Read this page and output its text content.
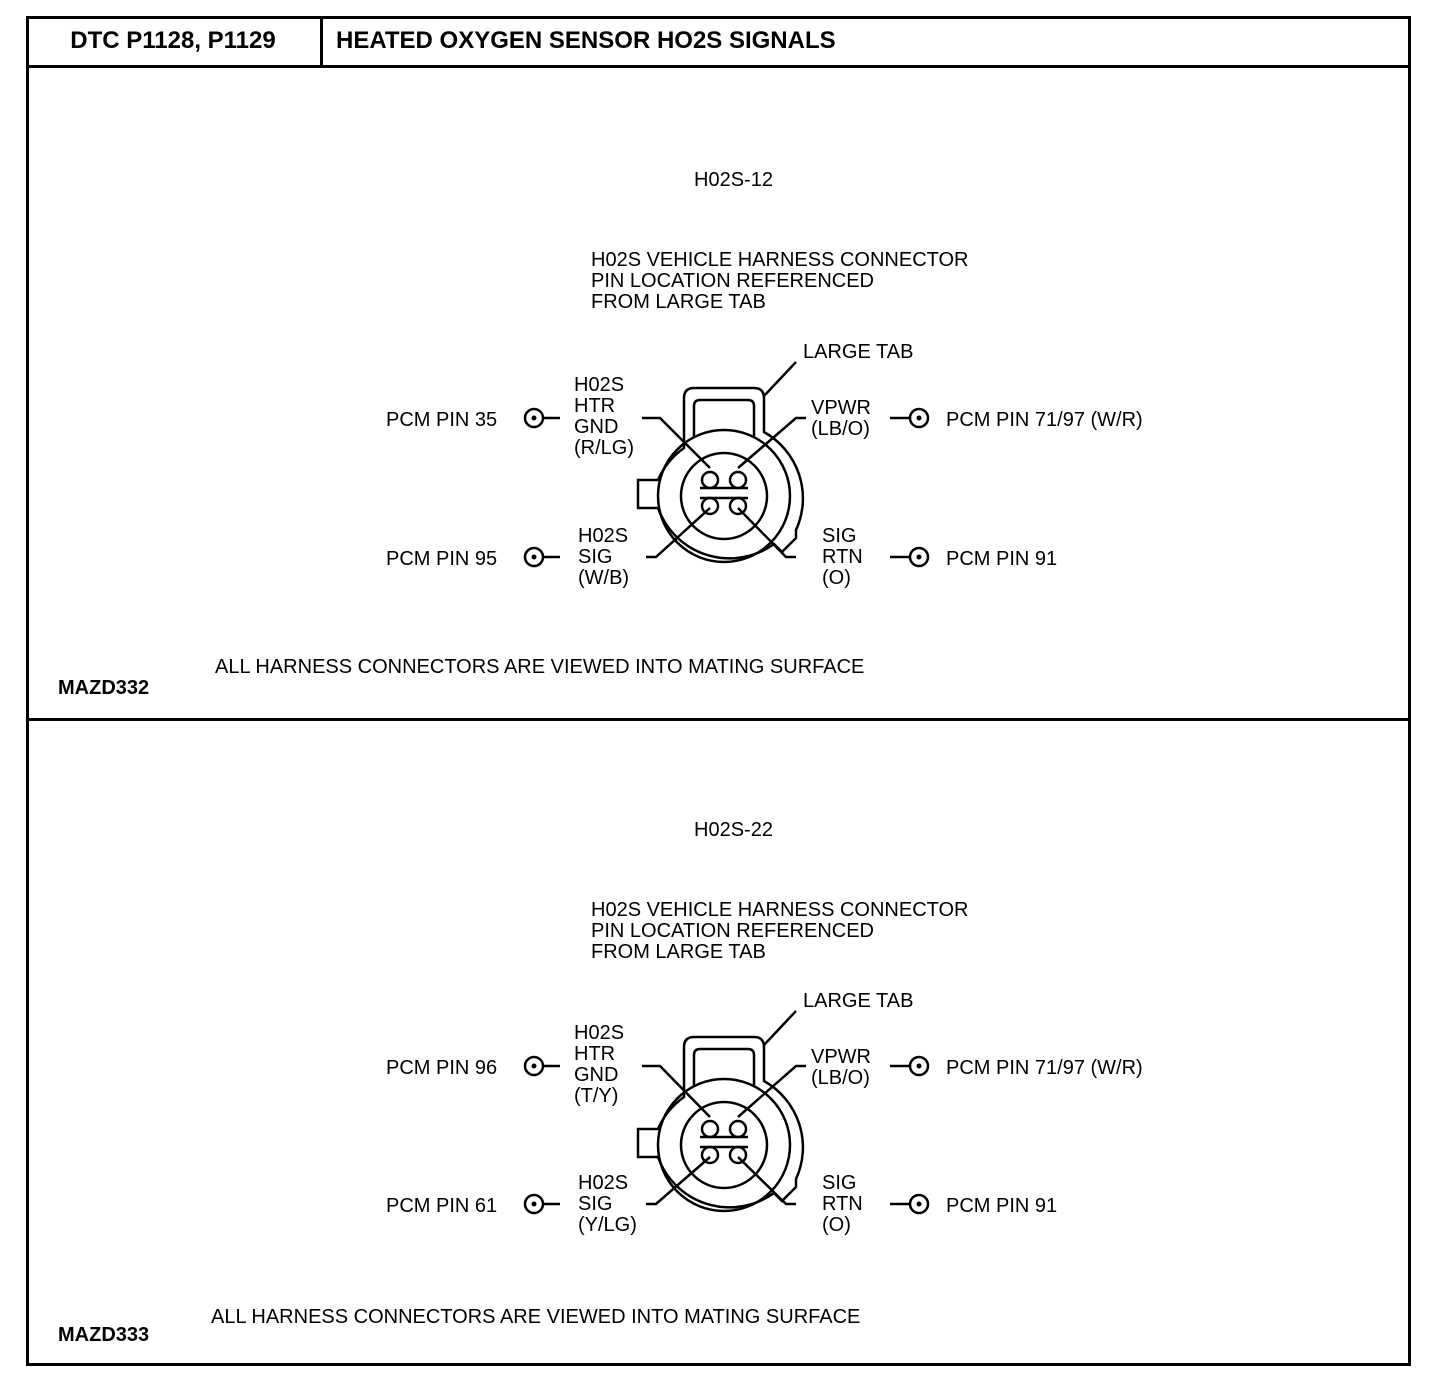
DTC P1128, P1129	HEATED OXYGEN SENSOR HO2S SIGNALS
H02S-12
H02S VEHICLE HARNESS CONNECTOR
PIN LOCATION REFERENCED
FROM LARGE TAB
LARGE TAB
PCM PIN 35
H02S
HTR
GND
(R/LG)
VPWR
(LB/O)	PCM PIN 71/97 (W/R)
PCM PIN 95
H02S
SIG
(W/B)
SIG
RTN
(O)
PCM PIN 91
ALL HARNESS CONNECTORS ARE VIEWED INTO MATING SURFACE
MAZD332
H02S-22
H02S VEHICLE HARNESS CONNECTOR
PIN LOCATION REFERENCED
FROM LARGE TAB
LARGE TAB
PCM PIN 96
H02S
HTR
GND
(T/Y)
VPWR
(LB/O)	PCM PIN 71/97 (W/R)
PCM PIN 61
H02S
SIG
(Y/LG)
SIG
RTN
(O)
PCM PIN 91
ALL HARNESS CONNECTORS ARE VIEWED INTO MATING SURFACE
MAZD333
